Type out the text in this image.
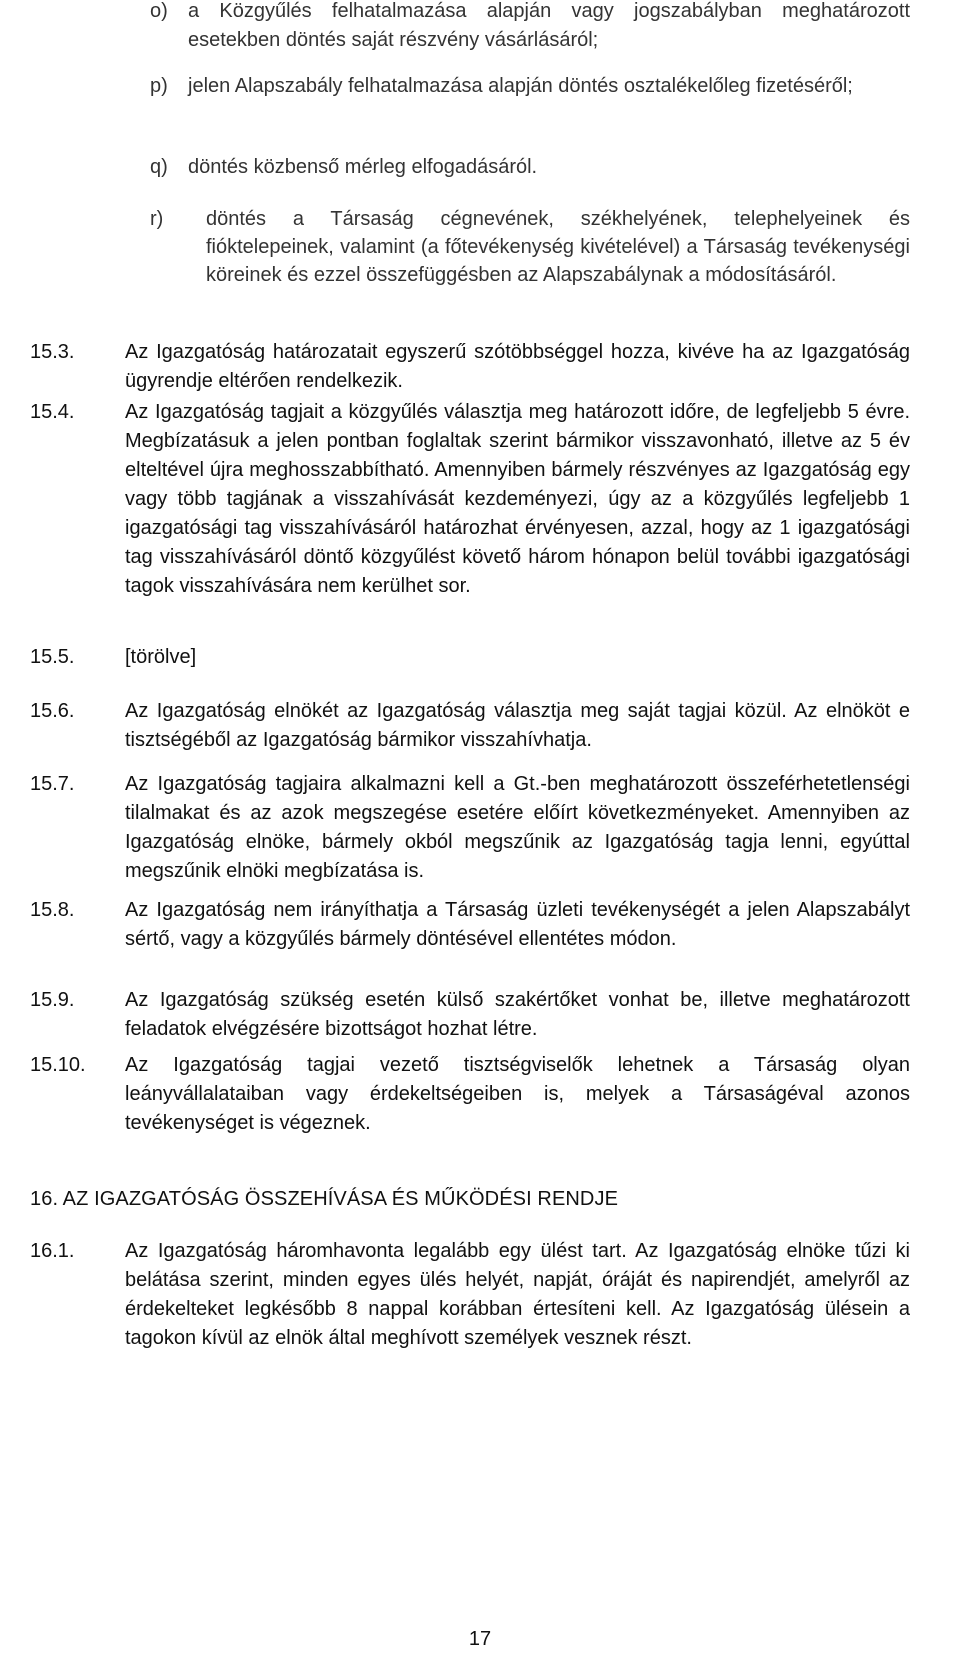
o) a Közgyűlés felhatalmazása alapján vagy jogszabályban meghatározott esetekben döntés saját részvény vásárlásáról;
p) jelen Alapszabály felhatalmazása alapján döntés osztalékelőleg fizetéséről;
q) döntés közbenső mérleg elfogadásáról.
r) döntés a Társaság cégnevének, székhelyének, telephelyeinek és fióktelepeinek, valamint (a főtevékenység kivételével) a Társaság tevékenységi köreinek és ezzel összefüggésben az Alapszabálynak a módosításáról.
15.3.	Az Igazgatóság határozatait egyszerű szótöbbséggel hozza, kivéve ha az Igazgatóság ügyrendje eltérően rendelkezik.
15.4.	Az Igazgatóság tagjait a közgyűlés választja meg határozott időre, de legfeljebb 5 évre. Megbízatásuk a jelen pontban foglaltak szerint bármikor visszavonható, illetve az 5 év elteltével újra meghosszabbítható. Amennyiben bármely részvényes az Igazgatóság egy vagy több tagjának a visszahívását kezdeményezi, úgy az a közgyűlés legfeljebb 1 igazgatósági tag visszahívásáról határozhat érvényesen, azzal, hogy az 1 igazgatósági tag visszahívásáról döntő közgyűlést követő három hónapon belül további igazgatósági tagok visszahívására nem kerülhet sor.
15.5.	[törölve]
15.6.	Az Igazgatóság elnökét az Igazgatóság választja meg saját tagjai közül. Az elnököt e tisztségéből az Igazgatóság bármikor visszahívhatja.
15.7.	Az Igazgatóság tagjaira alkalmazni kell a Gt.-ben meghatározott összeférhetetlenségi tilalmakat és az azok megszegése esetére előírt következményeket. Amennyiben az Igazgatóság elnöke, bármely okból megszűnik az Igazgatóság tagja lenni, egyúttal megszűnik elnöki megbízatása is.
15.8.	Az Igazgatóság nem irányíthatja a Társaság üzleti tevékenységét a jelen Alapszabályt sértő, vagy a közgyűlés bármely döntésével ellentétes módon.
15.9.	Az Igazgatóság szükség esetén külső szakértőket vonhat be, illetve meghatározott feladatok elvégzésére bizottságot hozhat létre.
15.10. Az Igazgatóság tagjai vezető tisztségviselők lehetnek a Társaság olyan leányvállalataiban vagy érdekeltségeiben is, melyek a Társaságéval azonos tevékenységet is végeznek.
16. AZ IGAZGATÓSÁG ÖSSZEHÍVÁSA ÉS MŰKÖDÉSI RENDJE
16.1.	Az Igazgatóság háromhavonta legalább egy ülést tart. Az Igazgatóság elnöke tűzi ki belátása szerint, minden egyes ülés helyét, napját, óráját és napirendjét, amelyről az érdekelteket legkésőbb 8 nappal korábban értesíteni kell. Az Igazgatóság ülésein a tagokon kívül az elnök által meghívott személyek vesznek részt.
17
